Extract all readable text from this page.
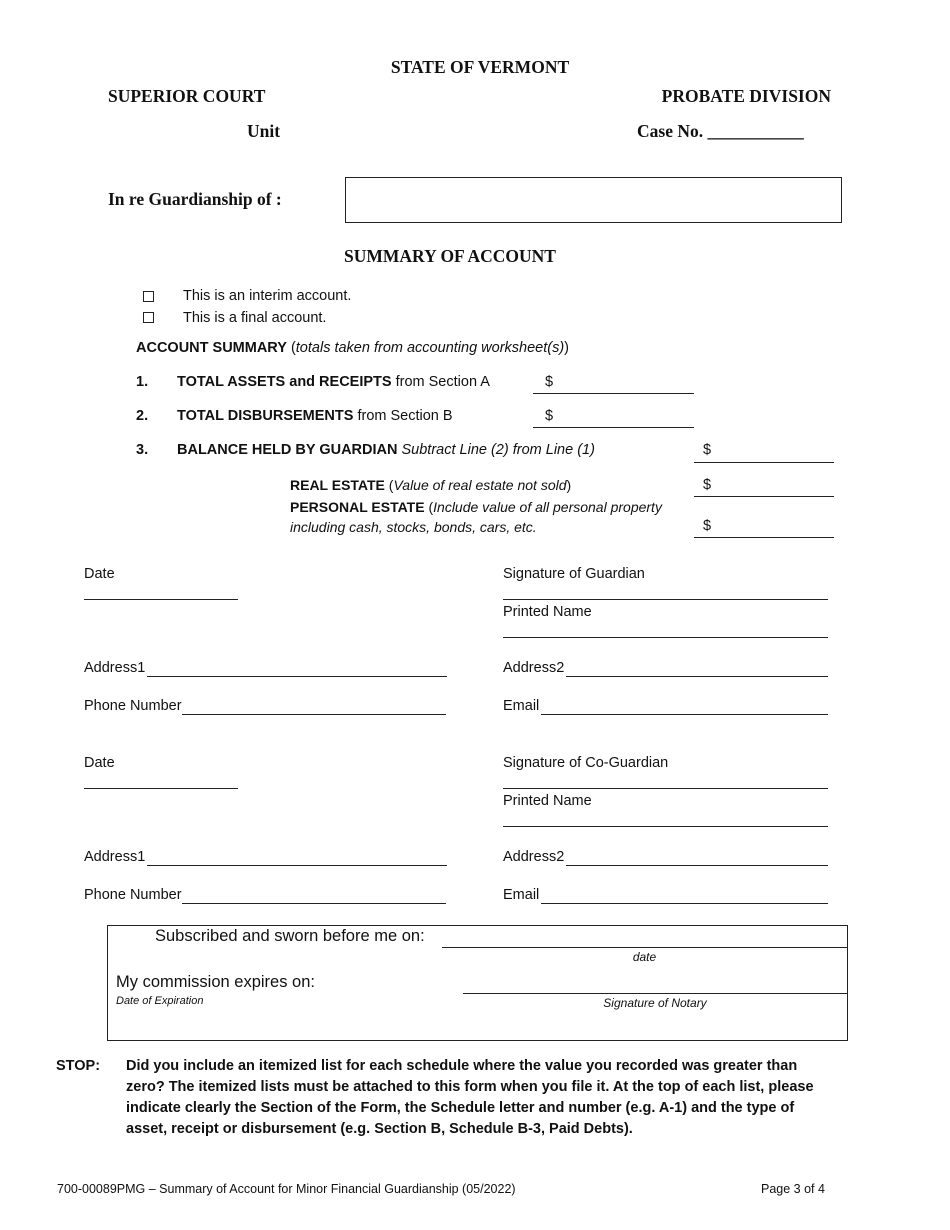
STATE OF VERMONT
SUPERIOR COURT	PROBATE DIVISION
Unit	Case No. ___________
In re Guardianship of :
SUMMARY OF ACCOUNT
This is an interim account.
This is a final account.
ACCOUNT SUMMARY (totals taken from accounting worksheet(s))
1. TOTAL ASSETS and RECEIPTS from Section A	$
2. TOTAL DISBURSEMENTS from Section B	$
3. BALANCE HELD BY GUARDIAN Subtract Line (2) from Line (1)	$
REAL ESTATE (Value of real estate not sold)	$
PERSONAL ESTATE (Include value of all personal property
including cash, stocks, bonds, cars, etc.	$
Date	Signature of Guardian
Printed Name
Address1	Address2
Phone Number	Email
Date	Signature of Co-Guardian
Printed Name
Address1	Address2
Phone Number	Email
Subscribed and sworn before me on:
date
My commission expires on:
Date of Expiration	Signature of Notary
STOP: Did you include an itemized list for each schedule where the value you recorded was greater than
zero? The itemized lists must be attached to this form when you file it. At the top of each list, please
indicate clearly the Section of the Form, the Schedule letter and number (e.g. A-1) and the type of
asset, receipt or disbursement (e.g. Section B, Schedule B-3, Paid Debts).
700-00089PMG – Summary of Account for Minor Financial Guardianship (05/2022)	Page 3 of 4
